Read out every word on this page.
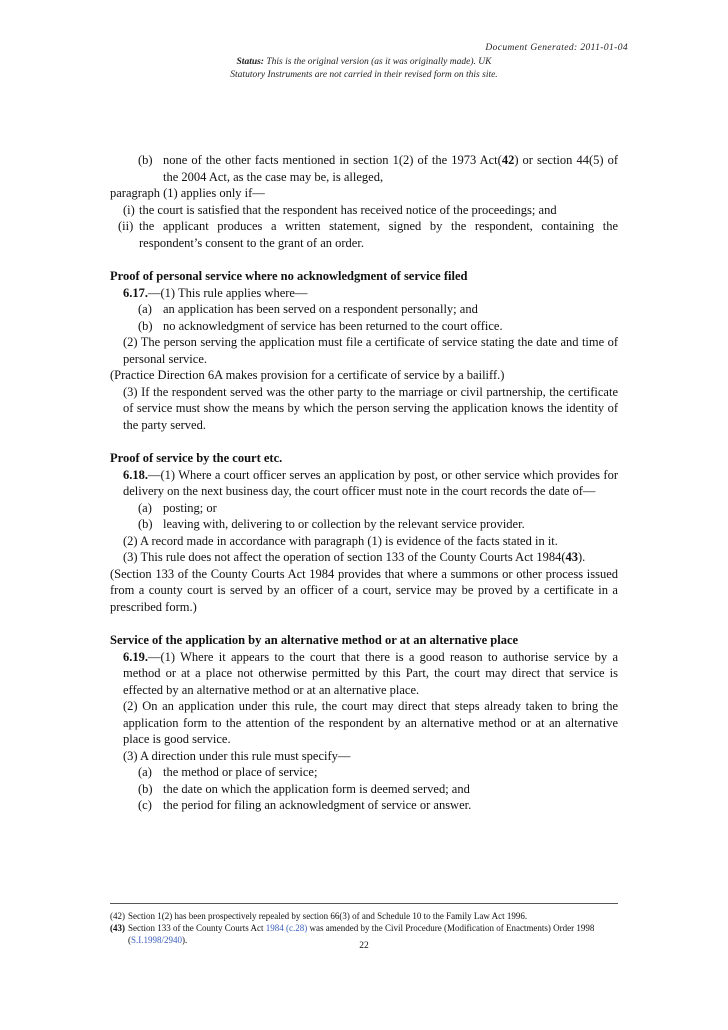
Document Generated: 2011-01-04
Status: This is the original version (as it was originally made). UK
Statutory Instruments are not carried in their revised form on this site.
(b) none of the other facts mentioned in section 1(2) of the 1973 Act(42) or section 44(5) of the 2004 Act, as the case may be, is alleged,
paragraph (1) applies only if—
(i) the court is satisfied that the respondent has received notice of the proceedings; and
(ii) the applicant produces a written statement, signed by the respondent, containing the respondent’s consent to the grant of an order.
Proof of personal service where no acknowledgment of service filed
6.17.—(1) This rule applies where—
(a) an application has been served on a respondent personally; and
(b) no acknowledgment of service has been returned to the court office.
(2) The person serving the application must file a certificate of service stating the date and time of personal service.
(Practice Direction 6A makes provision for a certificate of service by a bailiff.)
(3) If the respondent served was the other party to the marriage or civil partnership, the certificate of service must show the means by which the person serving the application knows the identity of the party served.
Proof of service by the court etc.
6.18.—(1) Where a court officer serves an application by post, or other service which provides for delivery on the next business day, the court officer must note in the court records the date of—
(a) posting; or
(b) leaving with, delivering to or collection by the relevant service provider.
(2) A record made in accordance with paragraph (1) is evidence of the facts stated in it.
(3) This rule does not affect the operation of section 133 of the County Courts Act 1984(43).
(Section 133 of the County Courts Act 1984 provides that where a summons or other process issued from a county court is served by an officer of a court, service may be proved by a certificate in a prescribed form.)
Service of the application by an alternative method or at an alternative place
6.19.—(1) Where it appears to the court that there is a good reason to authorise service by a method or at a place not otherwise permitted by this Part, the court may direct that service is effected by an alternative method or at an alternative place.
(2) On an application under this rule, the court may direct that steps already taken to bring the application form to the attention of the respondent by an alternative method or at an alternative place is good service.
(3) A direction under this rule must specify—
(a) the method or place of service;
(b) the date on which the application form is deemed served; and
(c) the period for filing an acknowledgment of service or answer.
(42) Section 1(2) has been prospectively repealed by section 66(3) of and Schedule 10 to the Family Law Act 1996.
(43) Section 133 of the County Courts Act 1984 (c.28) was amended by the Civil Procedure (Modification of Enactments) Order 1998 (S.I.1998/2940).
22
